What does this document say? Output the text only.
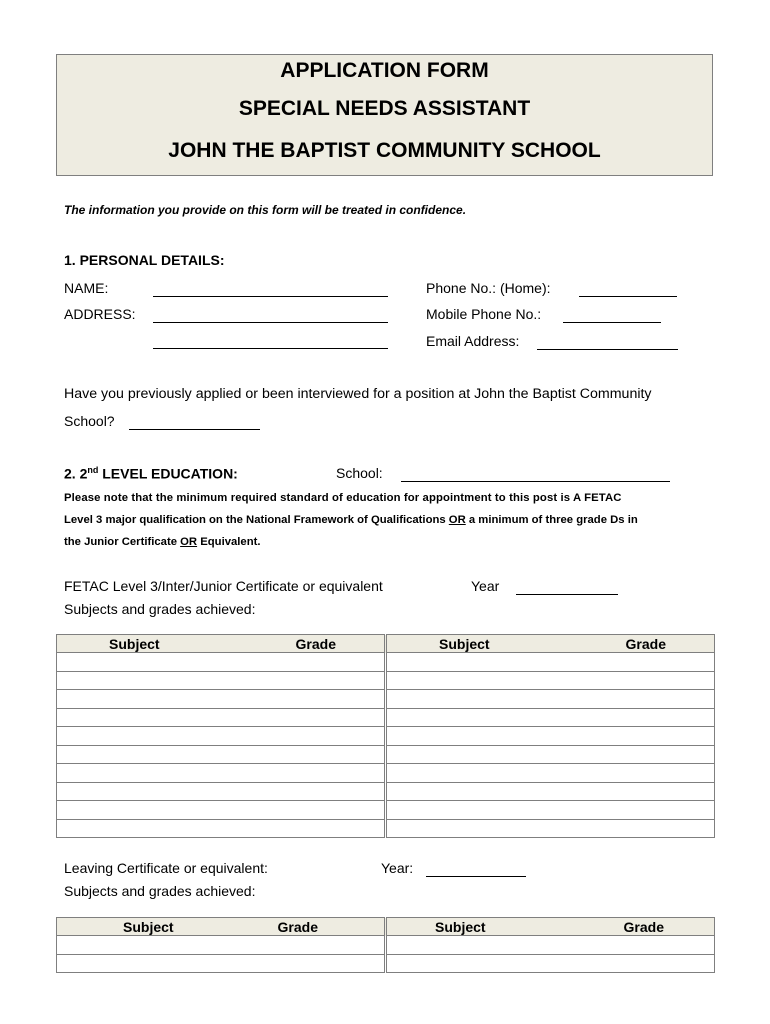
APPLICATION FORM
SPECIAL NEEDS ASSISTANT
JOHN THE BAPTIST COMMUNITY SCHOOL
The information you provide on this form will be treated in confidence.
1. PERSONAL DETAILS:
NAME:
ADDRESS:
Phone No.: (Home):
Mobile Phone No.:
Email Address:
Have you previously applied or been interviewed for a position at John the Baptist Community
School?
2. 2nd LEVEL EDUCATION:	School:
Please note that the minimum required standard of education for appointment to this post is A FETAC
Level 3 major qualification on the National Framework of Qualifications OR a minimum of three grade Ds in
the Junior Certificate OR Equivalent.
FETAC Level 3/Inter/Junior Certificate or equivalent	Year
Subjects and grades achieved:
Subject Grade		Subject Grade

Leaving Certificate or equivalent:	Year:
Subjects and grades achieved:
Subject Grade		Subject Grade
